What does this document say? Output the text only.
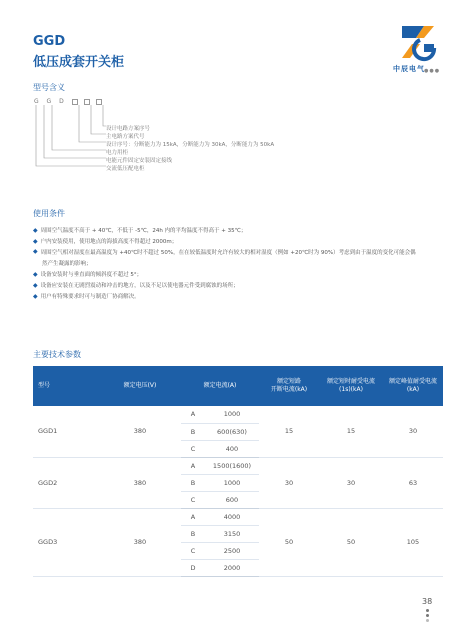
GGD
低压成套开关柜	中辰电气 ●●●
型号含义
G G D
设计电路方案序号
主电路方案代号
设计序号：分断能力为 15kA，分断能力为 30kA，分断能力为 50kA
电力用柜
电能元件固定安装固定接线
交流低压配电柜
使用条件
◆ 周围空气温度不高于 + 40℃，不低于 -5℃，24h 内的平均温度不得高于 + 35℃；
◆ 户内安装使用，使用地点的海拔高度不得超过 2000m；
◆ 周围空气相对湿度在最高温度为 +40℃时不超过 50%，在在较低温度时允许有较大的相对湿度（例如 +20℃时为 90%）考虑到由于温度的变化可能会偶
然产生凝露的影响；
◆ 设备安装时与垂直面的倾斜度不超过 5°；
◆ 设备应安装在无剧烈震动和冲击的地方，以及不足以使电器元件受到腐蚀的场所；
◆ 用户有特殊要求时可与制造厂协商解决。
主要技术参数
型号	额定电压(V)	额定电流(A)		额定短路
开断电流(kA)	额定短时耐受电流
(1s)(kA)	额定峰值耐受电流
(kA)
GGD1	380	A	1000	15	15	30
		B	600(630)			
		C	400			
GGD2	380	A	1500(1600)	30	30	63
		B	1000			
		C	600			
GGD3	380	A	4000	50	50	105
		B	3150			
		C	2500			
		D	2000			
38
